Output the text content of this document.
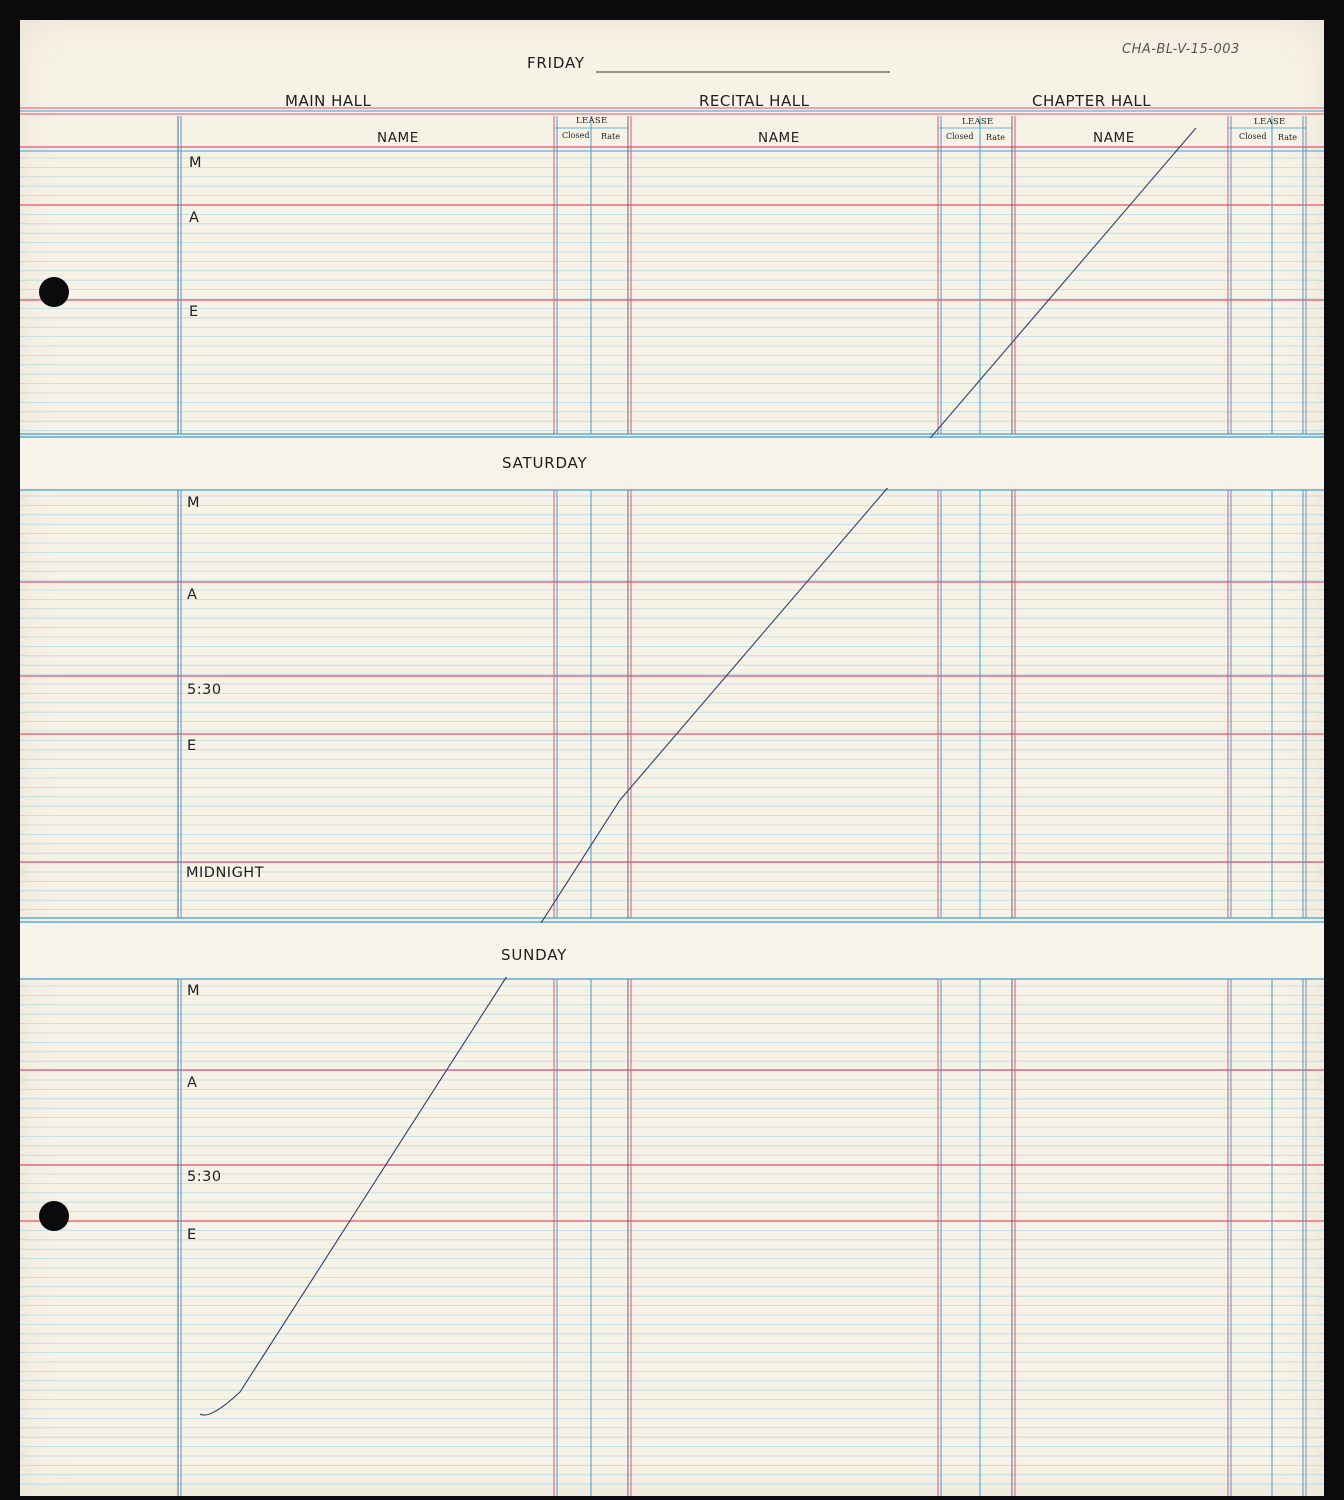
CHA-BL-V-15-003
FRIDAY
MAIN HALL	RECITAL HALL	CHAPTER HALL
NAME	NAME	NAME
LEASE
Closed Rate
LEASE
Closed Rate
LEASE
Closed Rate
M
A
E
SATURDAY
M
A
5:30
E
MIDNIGHT
SUNDAY
M
A
5:30
E
